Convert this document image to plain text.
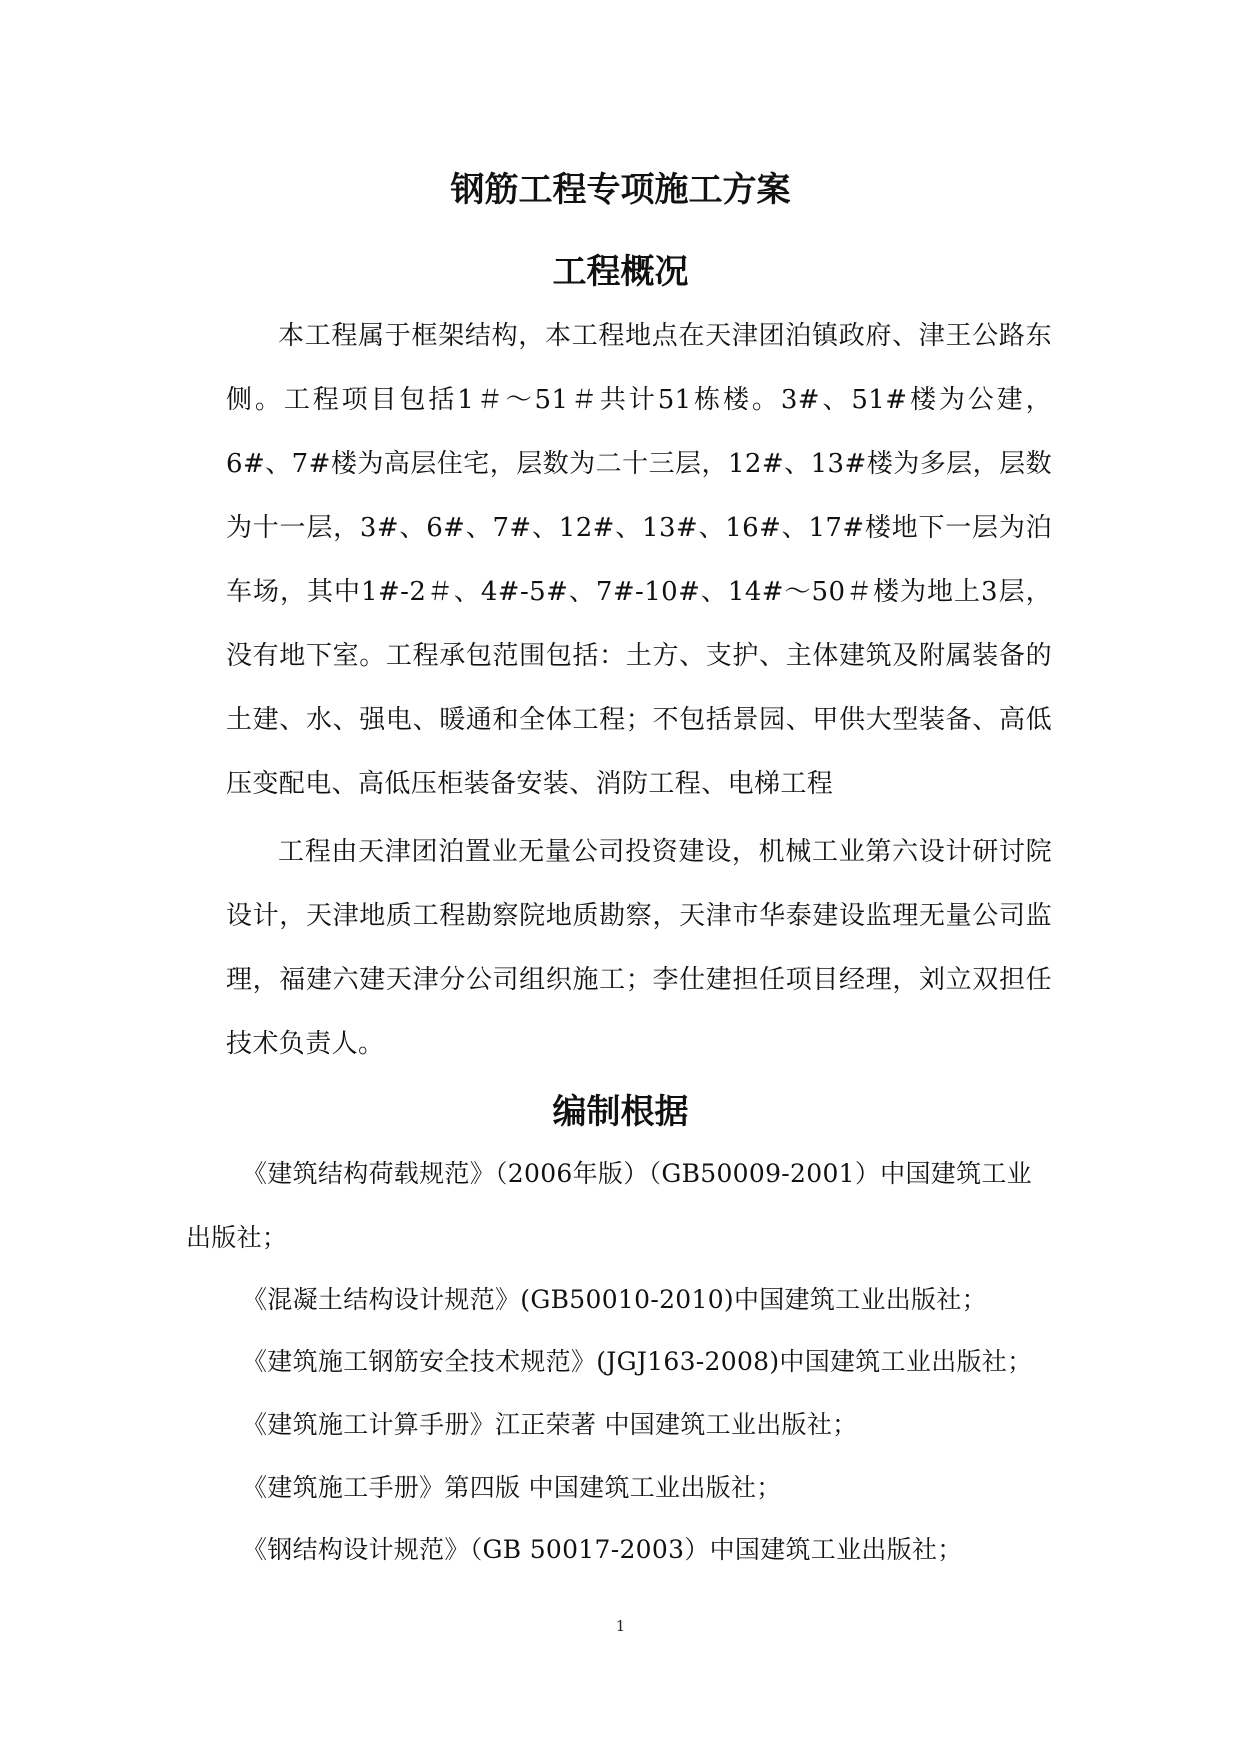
钢筋工程专项施工方案
工程概况

本工程属于框架结构，本工程地点在天津团泊镇政府、津王公路东侧。工程项目包括1＃～51＃共计51栋楼。3#、51#楼为公建，6#、7#楼为高层住宅，层数为二十三层，12#、13#楼为多层，层数为十一层，3#、6#、7#、12#、13#、16#、17#楼地下一层为泊车场，其中1#-2＃、4#-5#、7#-10#、14#～50＃楼为地上3层，没有地下室。工程承包范围包括：土方、支护、主体建筑及附属装备的土建、水、强电、暖通和全体工程；不包括景园、甲供大型装备、高低压变配电、高低压柜装备安装、消防工程、电梯工程

工程由天津团泊置业无量公司投资建设，机械工业第六设计研讨院设计，天津地质工程勘察院地质勘察，天津市华泰建设监理无量公司监理，福建六建天津分公司组织施工；李仕建担任项目经理，刘立双担任技术负责人。

编制根据

《建筑结构荷载规范》（2006年版）（GB50009-2001）中国建筑工业

出版社；

《混凝土结构设计规范》(GB50010-2010)中国建筑工业出版社；

《建筑施工钢筋安全技术规范》(JGJ163-2008)中国建筑工业出版社；

《建筑施工计算手册》江正荣著 中国建筑工业出版社；

《建筑施工手册》第四版 中国建筑工业出版社；

《钢结构设计规范》（GB 50017-2003）中国建筑工业出版社；

1
